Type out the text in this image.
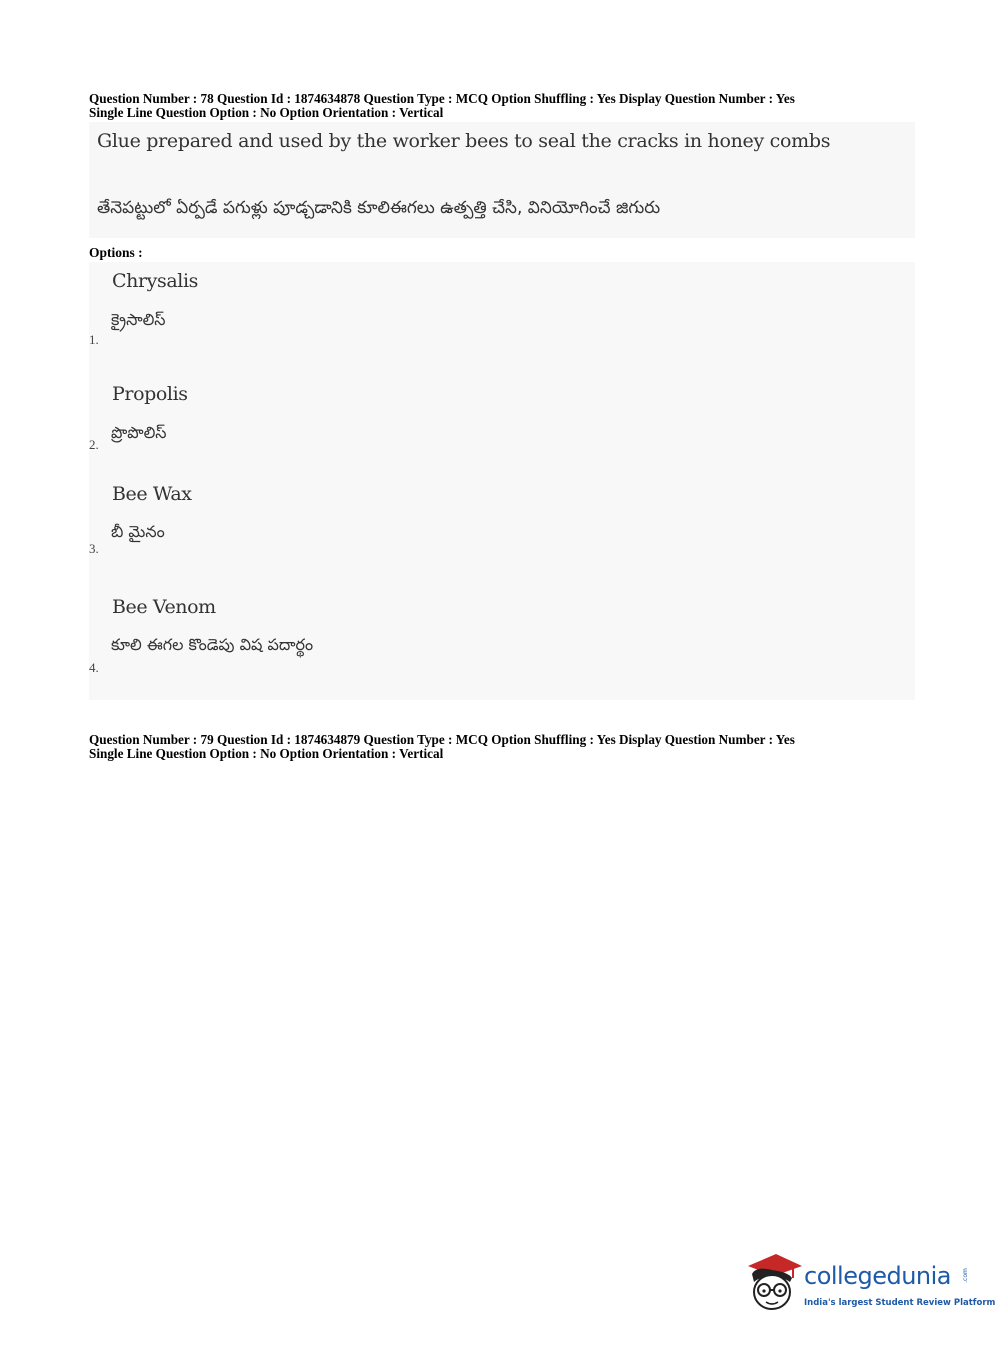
Question Number : 78 Question Id : 1874634878 Question Type : MCQ Option Shuffling : Yes Display Question Number : Yes
Single Line Question Option : No Option Orientation : Vertical
Glue prepared and used by the worker bees to seal the cracks in honey combs
తేనెపట్టులో ఏర్పడే పగుళ్లు పూడ్చడానికి కూలిఈగలు ఉత్పత్తి చేసి, వినియోగించే జిగురు
Options :
Chrysalis
క్రైసాలిస్
1.
Propolis
ప్రొపొలిస్
2.
Bee Wax
బీ మైనం
3.
Bee Venom
కూలి ఈగల కొండెపు విష పదార్థం
4.
Question Number : 79 Question Id : 1874634879 Question Type : MCQ Option Shuffling : Yes Display Question Number : Yes
Single Line Question Option : No Option Orientation : Vertical
collegedunia .com
India's largest Student Review Platform
